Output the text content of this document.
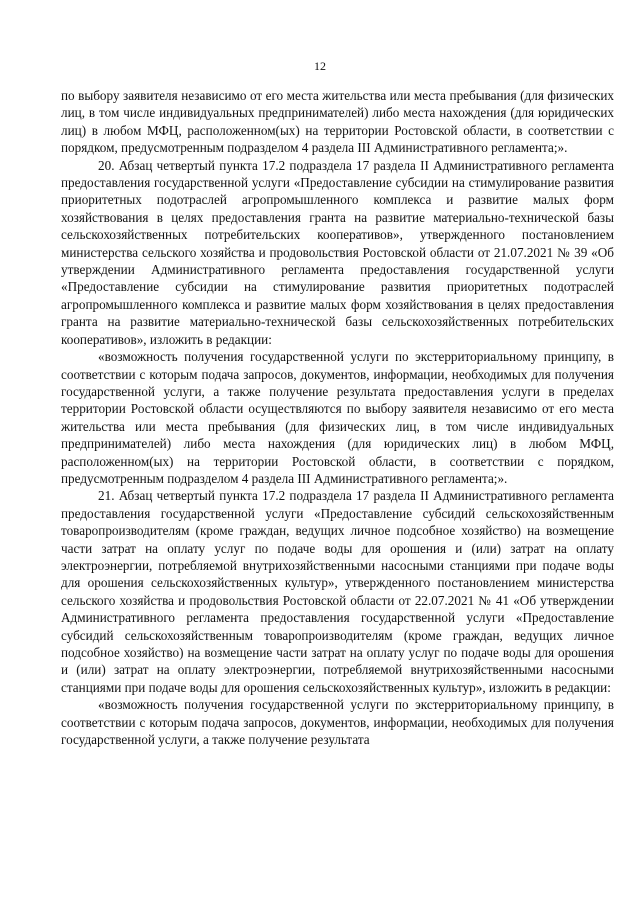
12

по выбору заявителя независимо от его места жительства или места пребывания (для физических лиц, в том числе индивидуальных предпринимателей) либо места нахождения (для юридических лиц) в любом МФЦ, расположенном(ых) на территории Ростовской области, в соответствии с порядком, предусмотренным подразделом 4 раздела III Административного регламента;».

20. Абзац четвертый пункта 17.2 подраздела 17 раздела II Административного регламента предоставления государственной услуги «Предоставление субсидии на стимулирование развития приоритетных подотраслей агропромышленного комплекса и развитие малых форм хозяйствования в целях предоставления гранта на развитие материально-технической базы сельскохозяйственных потребительских кооперативов», утвержденного постановлением министерства сельского хозяйства и продовольствия Ростовской области от 21.07.2021 № 39 «Об утверждении Административного регламента предоставления государственной услуги «Предоставление субсидии на стимулирование развития приоритетных подотраслей агропромышленного комплекса и развитие малых форм хозяйствования в целях предоставления гранта на развитие материально-технической базы сельскохозяйственных потребительских кооперативов», изложить в редакции:

«возможность получения государственной услуги по экстерриториальному принципу, в соответствии с которым подача запросов, документов, информации, необходимых для получения государственной услуги, а также получение результата предоставления услуги в пределах территории Ростовской области осуществляются по выбору заявителя независимо от его места жительства или места пребывания (для физических лиц, в том числе индивидуальных предпринимателей) либо места нахождения (для юридических лиц) в любом МФЦ, расположенном(ых) на территории Ростовской области, в соответствии с порядком, предусмотренным подразделом 4 раздела III Административного регламента;».

21. Абзац четвертый пункта 17.2 подраздела 17 раздела II Административного регламента предоставления государственной услуги «Предоставление субсидий сельскохозяйственным товаропроизводителям (кроме граждан, ведущих личное подсобное хозяйство) на возмещение части затрат на оплату услуг по подаче воды для орошения и (или) затрат на оплату электроэнергии, потребляемой внутрихозяйственными насосными станциями при подаче воды для орошения сельскохозяйственных культур», утвержденного постановлением министерства сельского хозяйства и продовольствия Ростовской области от 22.07.2021 № 41 «Об утверждении Административного регламента предоставления государственной услуги «Предоставление субсидий сельскохозяйственным товаропроизводителям (кроме граждан, ведущих личное подсобное хозяйство) на возмещение части затрат на оплату услуг по подаче воды для орошения и (или) затрат на оплату электроэнергии, потребляемой внутрихозяйственными насосными станциями при подаче воды для орошения сельскохозяйственных культур», изложить в редакции:

«возможность получения государственной услуги по экстерриториальному принципу, в соответствии с которым подача запросов, документов, информации, необходимых для получения государственной услуги, а также получение результата
